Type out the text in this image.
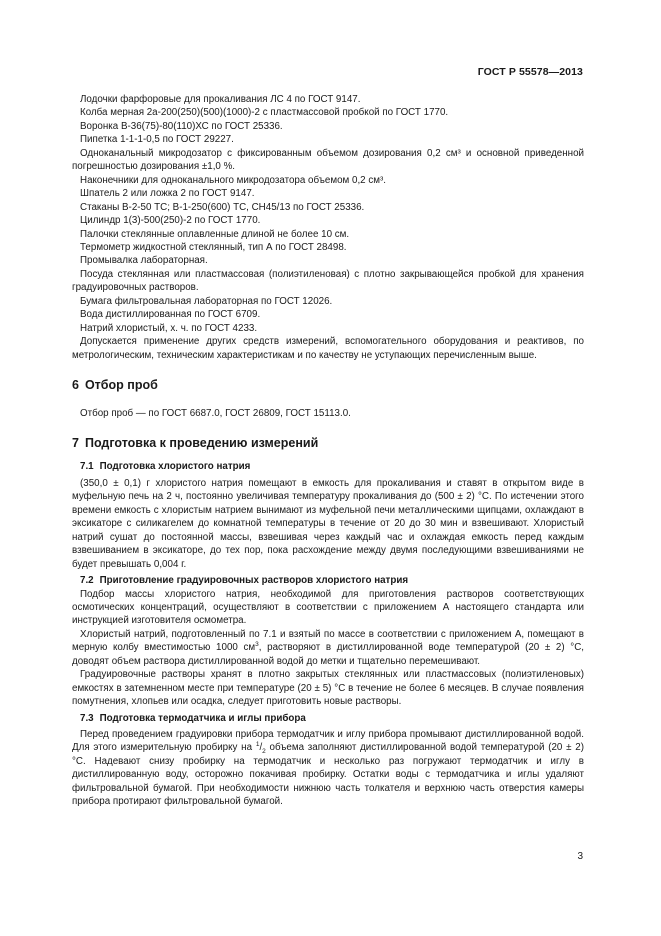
ГОСТ Р 55578—2013

Лодочки фарфоровые для прокаливания ЛС 4 по ГОСТ 9147.

Колба мерная 2а-200(250)(500)(1000)-2 с пластмассовой пробкой по ГОСТ 1770.

Воронка В-36(75)-80(110)ХС по ГОСТ 25336.

Пипетка 1-1-1-0,5 по ГОСТ 29227.

Одноканальный микродозатор с фиксированным объемом дозирования 0,2 см³ и основной приведенной погрешностью дозирования ±1,0 %.

Наконечники для одноканального микродозатора объемом 0,2 см³.

Шпатель 2 или ложка 2 по ГОСТ 9147.

Стаканы В-2-50 ТС; В-1-250(600) ТС, СН45/13 по ГОСТ 25336.

Цилиндр 1(3)-500(250)-2 по ГОСТ 1770.

Палочки стеклянные оплавленные длиной не более 10 см.

Термометр жидкостной стеклянный, тип А по ГОСТ 28498.

Промывалка лабораторная.

Посуда стеклянная или пластмассовая (полиэтиленовая) с плотно закрывающейся пробкой для хранения градуировочных растворов.

Бумага фильтровальная лабораторная по ГОСТ 12026.

Вода дистиллированная по ГОСТ 6709.

Натрий хлористый, х. ч. по ГОСТ 4233.

Допускается применение других средств измерений, вспомогательного оборудования и реактивов, по метрологическим, техническим характеристикам и по качеству не уступающих перечисленным выше.

6 Отбор проб

Отбор проб — по ГОСТ 6687.0, ГОСТ 26809, ГОСТ 15113.0.

7 Подготовка к проведению измерений

7.1 Подготовка хлористого натрия

(350,0 ± 0,1) г хлористого натрия помещают в емкость для прокаливания и ставят в открытом виде в муфельную печь на 2 ч, постоянно увеличивая температуру прокаливания до (500 ± 2) °С. По истечении этого времени емкость с хлористым натрием вынимают из муфельной печи металлическими щипцами, охлаждают в эксикаторе с силикагелем до комнатной температуры в течение от 20 до 30 мин и взвешивают. Хлористый натрий сушат до постоянной массы, взвешивая через каждый час и охлаждая емкость перед каждым взвешиванием в эксикаторе, до тех пор, пока расхождение между двумя последующими взвешиваниями не будет превышать 0,004 г.

7.2 Приготовление градуировочных растворов хлористого натрия

Подбор массы хлористого натрия, необходимой для приготовления растворов соответствующих осмотических концентраций, осуществляют в соответствии с приложением А настоящего стандарта или инструкцией изготовителя осмометра.

Хлористый натрий, подготовленный по 7.1 и взятый по массе в соответствии с приложением А, помещают в мерную колбу вместимостью 1000 $см^3$, растворяют в дистиллированной воде температурой (20 ± 2) °С, доводят объем раствора дистиллированной водой до метки и тщательно перемешивают.

Градуировочные растворы хранят в плотно закрытых стеклянных или пластмассовых (полиэтиленовых) емкостях в затемненном месте при температуре (20 ± 5) °С в течение не более 6 месяцев. В случае появления помутнения, хлопьев или осадка, следует приготовить новые растворы.

7.3 Подготовка термодатчика и иглы прибора

Перед проведением градуировки прибора термодатчик и иглу прибора промывают дистиллированной водой. Для этого измерительную пробирку на $^1/_2$ объема заполняют дистиллированной водой температурой (20 ± 2) °С. Надевают снизу пробирку на термодатчик и несколько раз погружают термодатчик и иглу в дистиллированную воду, осторожно покачивая пробирку. Остатки воды с термодатчика и иглы удаляют фильтровальной бумагой. При необходимости нижнюю часть толкателя и верхнюю часть отверстия камеры прибора протирают фильтровальной бумагой.

3
